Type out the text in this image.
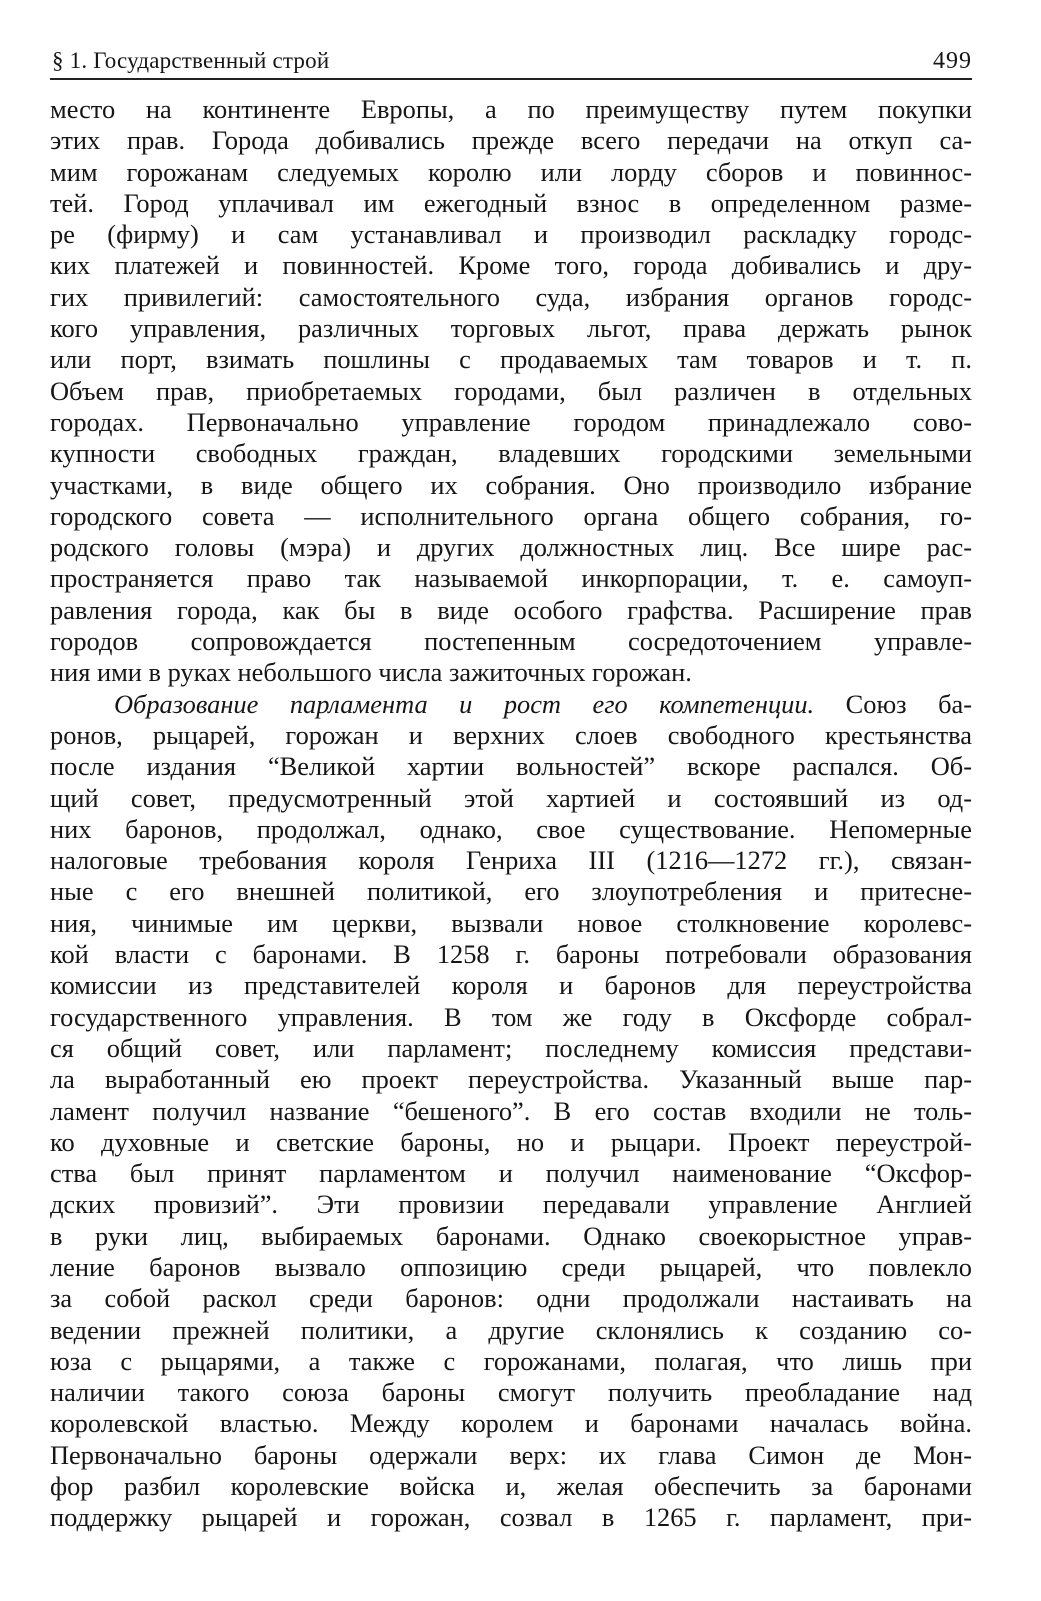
§ 1. Государственный строй	499
место на континенте Европы, а по преимуществу путем покупки
этих прав. Города добивались прежде всего передачи на откуп са-
мим горожанам следуемых королю или лорду сборов и повиннос-
тей. Город уплачивал им ежегодный взнос в определенном разме-
ре (фирму) и сам устанавливал и производил раскладку городс-
ких платежей и повинностей. Кроме того, города добивались и дру-
гих привилегий: самостоятельного суда, избрания органов городс-
кого управления, различных торговых льгот, права держать рынок
или порт, взимать пошлины с продаваемых там товаров и т. п.
Объем прав, приобретаемых городами, был различен в отдельных
городах. Первоначально управление городом принадлежало сово-
купности свободных граждан, владевших городскими земельными
участками, в виде общего их собрания. Оно производило избрание
городского совета — исполнительного органа общего собрания, го-
родского головы (мэра) и других должностных лиц. Все шире рас-
пространяется право так называемой инкорпорации, т. е. самоуп-
равления города, как бы в виде особого графства. Расширение прав
городов сопровождается постепенным сосредоточением управле-
ния ими в руках небольшого числа зажиточных горожан.
Образование парламента и рост его компетенции. Союз ба-
ронов, рыцарей, горожан и верхних слоев свободного крестьянства
после издания “Великой хартии вольностей” вскоре распался. Об-
щий совет, предусмотренный этой хартией и состоявший из од-
них баронов, продолжал, однако, свое существование. Непомерные
налоговые требования короля Генриха III (1216—1272 гг.), связан-
ные с его внешней политикой, его злоупотребления и притесне-
ния, чинимые им церкви, вызвали новое столкновение королевс-
кой власти с баронами. В 1258 г. бароны потребовали образования
комиссии из представителей короля и баронов для переустройства
государственного управления. В том же году в Оксфорде собрал-
ся общий совет, или парламент; последнему комиссия представи-
ла выработанный ею проект переустройства. Указанный выше пар-
ламент получил название “бешеного”. В его состав входили не толь-
ко духовные и светские бароны, но и рыцари. Проект переустрой-
ства был принят парламентом и получил наименование “Оксфор-
дских провизий”. Эти провизии передавали управление Англией
в руки лиц, выбираемых баронами. Однако своекорыстное управ-
ление баронов вызвало оппозицию среди рыцарей, что повлекло
за собой раскол среди баронов: одни продолжали настаивать на
ведении прежней политики, а другие склонялись к созданию со-
юза с рыцарями, а также с горожанами, полагая, что лишь при
наличии такого союза бароны смогут получить преобладание над
королевской властью. Между королем и баронами началась война.
Первоначально бароны одержали верх: их глава Симон де Мон-
фор разбил королевские войска и, желая обеспечить за баронами
поддержку рыцарей и горожан, созвал в 1265 г. парламент, при-
